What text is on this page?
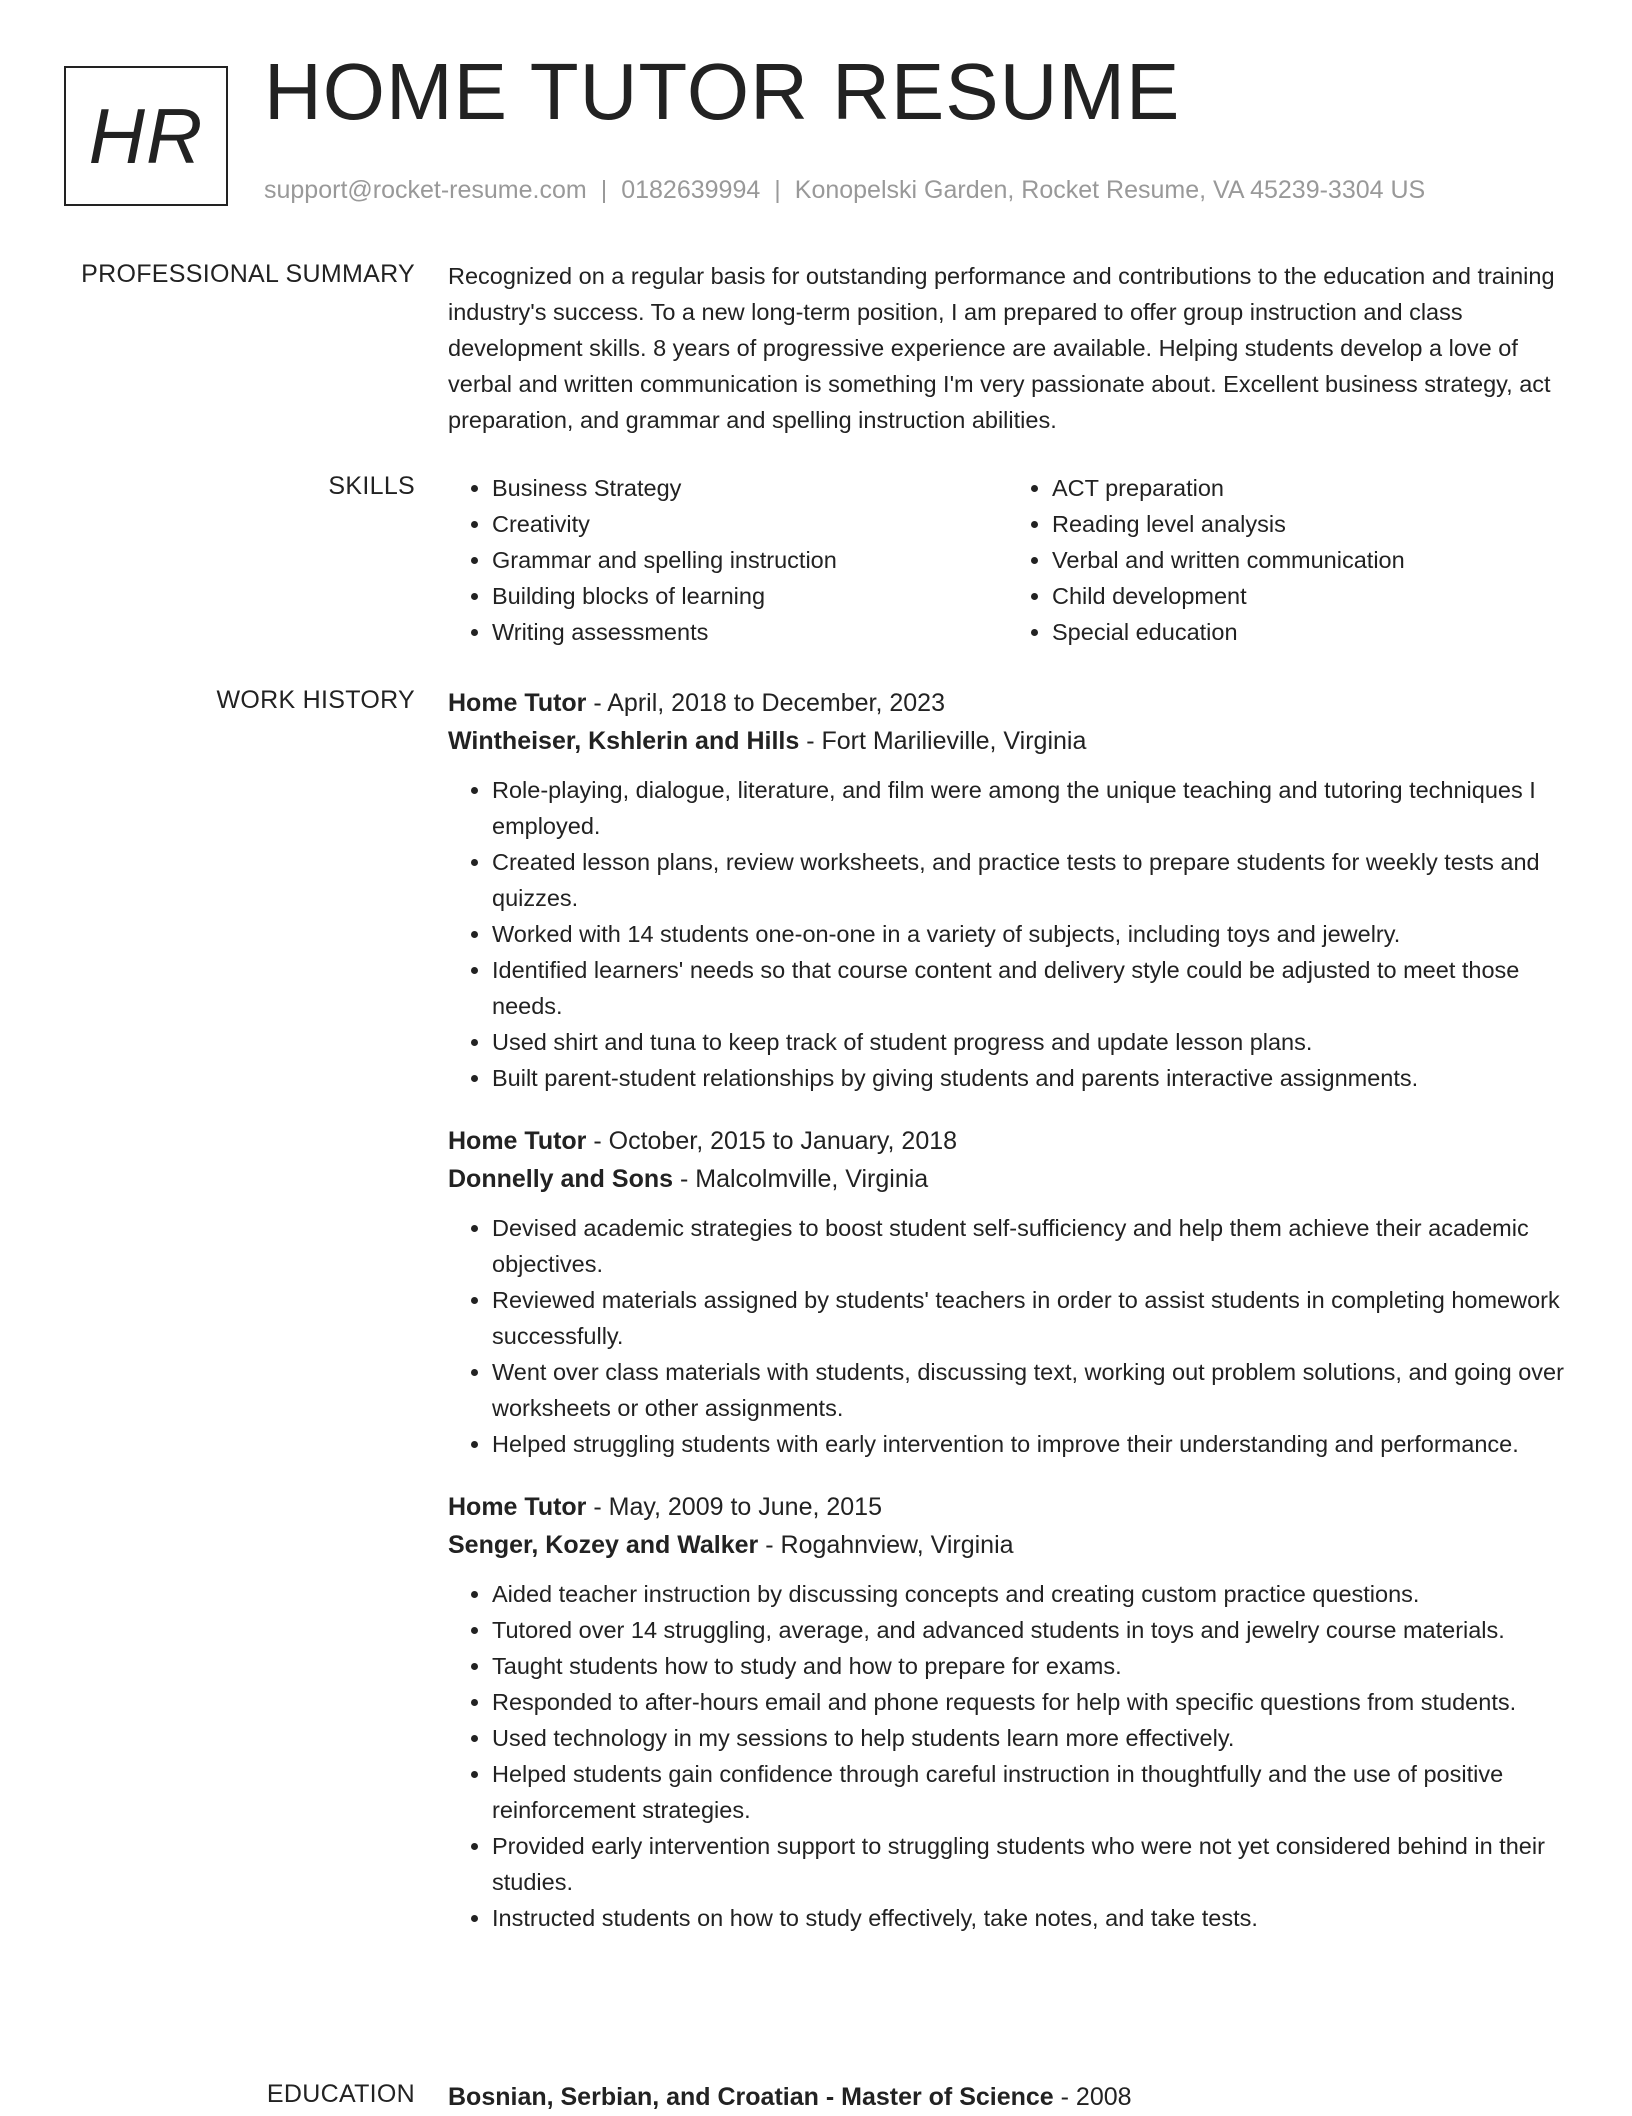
HR HOME TUTOR RESUME
support@rocket-resume.com | 0182639994 | Konopelski Garden, Rocket Resume, VA 45239-3304 US
PROFESSIONAL SUMMARY Recognized on a regular basis for outstanding performance and contributions to the education and training industry's success. To a new long-term position, I am prepared to offer group instruction and class development skills. 8 years of progressive experience are available. Helping students develop a love of verbal and written communication is something I'm very passionate about. Excellent business strategy, act preparation, and grammar and spelling instruction abilities.
SKILLS
•	Business Strategy
• Creativity
• Grammar and spelling instruction
• Building blocks of learning
• Writing assessments
• ACT preparation
• Reading level analysis
• Verbal and written communication
• Child development
• Special education
WORK HISTORY Home Tutor - April, 2018 to December, 2023
Wintheiser, Kshlerin and Hills - Fort Marilieville, Virginia
• Role-playing, dialogue, literature, and film were among the unique teaching and tutoring techniques I employed.
• Created lesson plans, review worksheets, and practice tests to prepare students for weekly tests and quizzes.
• Worked with 14 students one-on-one in a variety of subjects, including toys and jewelry.
• Identified learners' needs so that course content and delivery style could be adjusted to meet those needs.
• Used shirt and tuna to keep track of student progress and update lesson plans.
• Built parent-student relationships by giving students and parents interactive assignments.
Home Tutor - October, 2015 to January, 2018
Donnelly and Sons - Malcolmville, Virginia
• Devised academic strategies to boost student self-sufficiency and help them achieve their academic objectives.
• Reviewed materials assigned by students' teachers in order to assist students in completing homework successfully.
• Went over class materials with students, discussing text, working out problem solutions, and going over worksheets or other assignments.
• Helped struggling students with early intervention to improve their understanding and performance.
Home Tutor - May, 2009 to June, 2015
Senger, Kozey and Walker - Rogahnview, Virginia
• Aided teacher instruction by discussing concepts and creating custom practice questions.
• Tutored over 14 struggling, average, and advanced students in toys and jewelry course materials.
• Taught students how to study and how to prepare for exams.
• Responded to after-hours email and phone requests for help with specific questions from students.
• Used technology in my sessions to help students learn more effectively.
• Helped students gain confidence through careful instruction in thoughtfully and the use of positive reinforcement strategies.
• Provided early intervention support to struggling students who were not yet considered behind in their studies.
• Instructed students on how to study effectively, take notes, and take tests.
EDUCATION Bosnian, Serbian, and Croatian - Master of Science - 2008
